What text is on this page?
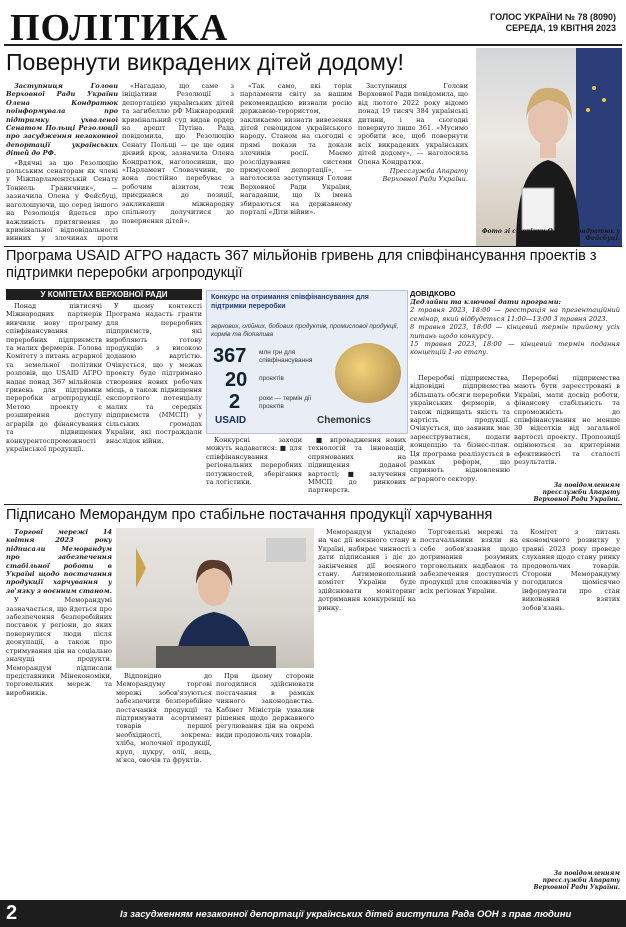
ПОЛІТИКА	ГОЛОС УКРАЇНИ № 78 (8090)
СЕРЕДА, 19 КВІТНЯ 2023
Повернути викрадених дітей додому!

Заступниця Голови Верховної Ради України Олена Кондратюк поінформувала про підтримку ухваленої Сенатом Польщі Резолюції про засудження незаконної депортації українських дітей до РФ.

«Вдячні за цю Резолюцію польським сенаторам як члені у Міжпарламентській Сенату Тоннель Граничник», — зазначила Олена у Фейсбуці, наголошуючи, що серед іншого на Резолюція йдеться про важливість притягнення до кримінальної відповідальності винних у злочинах проти

«Нагадаю, що саме з ініціативи Резолюції з депортацією українських дітей та загибеллю рФ Міжнародний кримінальний суд видав ордер на арешт Путіна. Рада повідомила, що Резолюцію Сенату Польщі — це ще один дієвий крок, зазначила Олена Кондратюк, наголосивши, що «Парламент Словаччини, де вона постійно перебуває з робочим візитом, теж приєднався до позиції, закликавши міжнародну спільноту долучитися до повернення дітей».

«Так само, які торік парламенти світу за нашим рекомендацією визнали росію державою-терористом, закликаємо визнати вивезення дітей геноцидом українського народу. Станом на сьогодні є прямі покази та докази злочинів росії. Маємо розслідування системи примусової депортації», — наголосила заступниця Голови Верховної Ради України, нагадавши, що їх імена збираються на державному порталі «Діти війни».

Заступниця Голови Верховної Ради повідомила, що від лютого 2022 року відомо понад 19 тисяч 384 українські дитини, і на сьогодні повернуто лише 361. «Мусимо зробити все, щоб повернути всіх викрадених українських дітей додому», — наголосила Олена Кондратюк.

Пресслужба Апарату Верховної Ради України.

Фото зі сторінки Олени Кондратюк у Фейсбуці.
Програма USAID АГРО надасть 367 мільйонів гривень для співфінансування проектів з підтримки переробки агропродукції
У КОМІТЕТАХ ВЕРХОВНОЇ РАДИ

Понад півтисячі Міжнародних партнерів вивчили нову програму співфінансування переробних підприємств та малих фермерів. Голова Комітету з питань аграрної та земельної політики розповів, що USAID АГРО надає понад 367 мільйонів гривень для підтримки переробки агропродукції. Метою проекту є розширення доступу аграріїв до фінансування та підвищення конкурентоспроможності української продукції.

У цьому контексті Програма надасть гранти для переробних підприємств, які виробляють готову продукцію з високою доданою вартістю. Очікується, що у межах проекту буде підтримано створення нових робочих місць, а також підвищення експортного потенціалу малих та середніх підприємств (ММСП) у сільських громадах України, які постраждали внаслідок війни.

Конкурс на отримання співфінансування для підтримки переробки
зернових, олійних, бобових продуктів, промислової продукції, кормів та біопалива
367 млн грн для співфінансування
20 проєктів
2	роки — термін дії проєктів
USAID	Chemonics

Конкурсні заходи можуть надаватися: ■ для співфінансування регіональних переробних потужностей, зберігання та логістики.

■ впровадження нових технологій та інновацій, спрямованих на підвищення доданої вартості; ■ залучення ММСП до ринкових партнерств.

ДОВІДКОВО
Дедлайни та ключові дати програми:
2 травня 2023, 18:00 — реєстрація на презентаційний семінар, який відбудеться 11:00—13:00 3 травня 2023.
8 травня 2023, 18:00 — кінцевий термін прийому усіх питань щодо конкурсу.
15 травня 2023, 18:00 — кінцевий термін подання концепцій 1-го етапу.

Переробні підприємства, відповідні підприємства збільшать обсяги переробки українських фермерів, а також підвищать якість та вартість продукції. Очікується, що заявник має зареєструватися, подати концепцію та бізнес-план. Ця програма реалізується в рамках реформ, що сприяють відновленню аграрного сектору.

Переробні підприємства мають бути зареєстровані в Україні, мати досвід роботи, фінансову стабільність та спроможність до співфінансування не менше 30 відсотків від загальної вартості проекту. Пропозиції оцінюються за критеріями ефективності та сталості результатів.

За повідомленням пресслужби Апарату Верховної Ради України.
Підписано Меморандум про стабільне постачання продукції харчування

Торгові мережі 14 квітня 2023 року підписали Меморандум про забезпечення стабільної роботи в Україні щодо постачання продукції харчування у зв'язку з воєнним станом.

У Меморандумі зазначається, що йдеться про забезпечення безперебійних поставок у регіони, до яких повернулися люди після деокупації, а також про стримування цін на соціально значущі продукти. Меморандум підписали представники Мінекономіки, торговельних мереж та виробників.

Відповідно до Меморандуму торгові мережі зобов'язуються забезпечити безперебійне постачання продукції та підтримувати асортимент товарів першої необхідності, зокрема: хліба, молочної продукції, круп, цукру, олії, яєць, м'яса, овочів та фруктів.

При цьому сторони погодилися здійснювати постачання в рамках чинного законодавства. Кабінет Міністрів ухвалив рішення щодо державного регулювання цін на окремі види продовольчих товарів.

Меморандум укладено на час дії воєнного стану в Україні, набирає чинності з дати підписання і діє до закінчення дії воєнного стану. Антимонопольний комітет України буде здійснювати моніторинг дотримання конкуренції на ринку.

Торговельні мережі та постачальники взяли на себе зобов'язання щодо дотримання розумних торговельних надбавок та забезпечення доступності продукції для споживачів у всіх регіонах України.

Комітет з питань економічного розвитку у травні 2023 року проведе слухання щодо стану ринку продовольчих товарів. Сторони Меморандуму погодилися щомісячно інформувати про стан виконання взятих зобов'язань.

За повідомленням пресслужби Апарату Верховної Ради України.
2	Із засудженням незаконної депортації українських дітей виступила Рада ООН з прав людини
